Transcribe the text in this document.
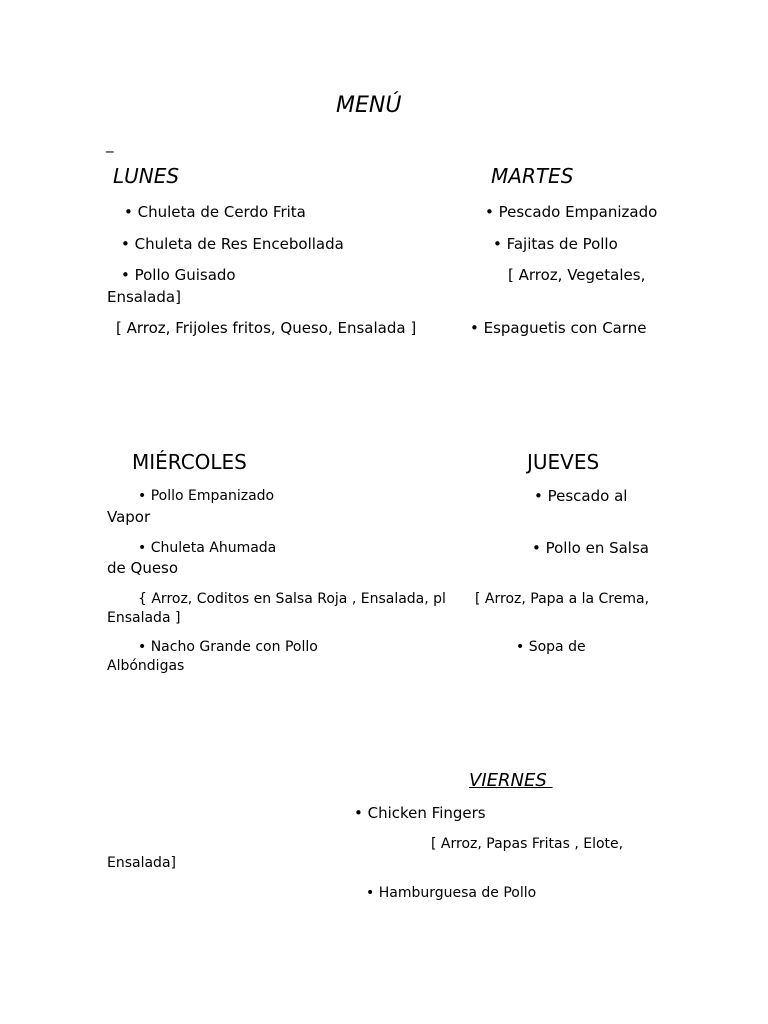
MENÚ
_
LUNES
• Chuleta de Cerdo Frita
• Chuleta de Res Encebollada
• Pollo Guisado
Ensalada]
[ Arroz, Frijoles fritos, Queso, Ensalada ]
MARTES
• Pescado Empanizado
• Fajitas de Pollo
[ Arroz, Vegetales,
• Espaguetis con Carne
MIÉRCOLES
• Pollo Empanizado
Vapor
• Chuleta Ahumada
de Queso
{ Arroz, Coditos en Salsa Roja , Ensalada, pl
Ensalada ]
• Nacho Grande con Pollo
Albóndigas
JUEVES
• Pescado al
• Pollo en Salsa
[ Arroz, Papa a la Crema,
• Sopa de
VIERNES
• Chicken Fingers
[ Arroz, Papas Fritas , Elote,
Ensalada]
• Hamburguesa de Pollo
